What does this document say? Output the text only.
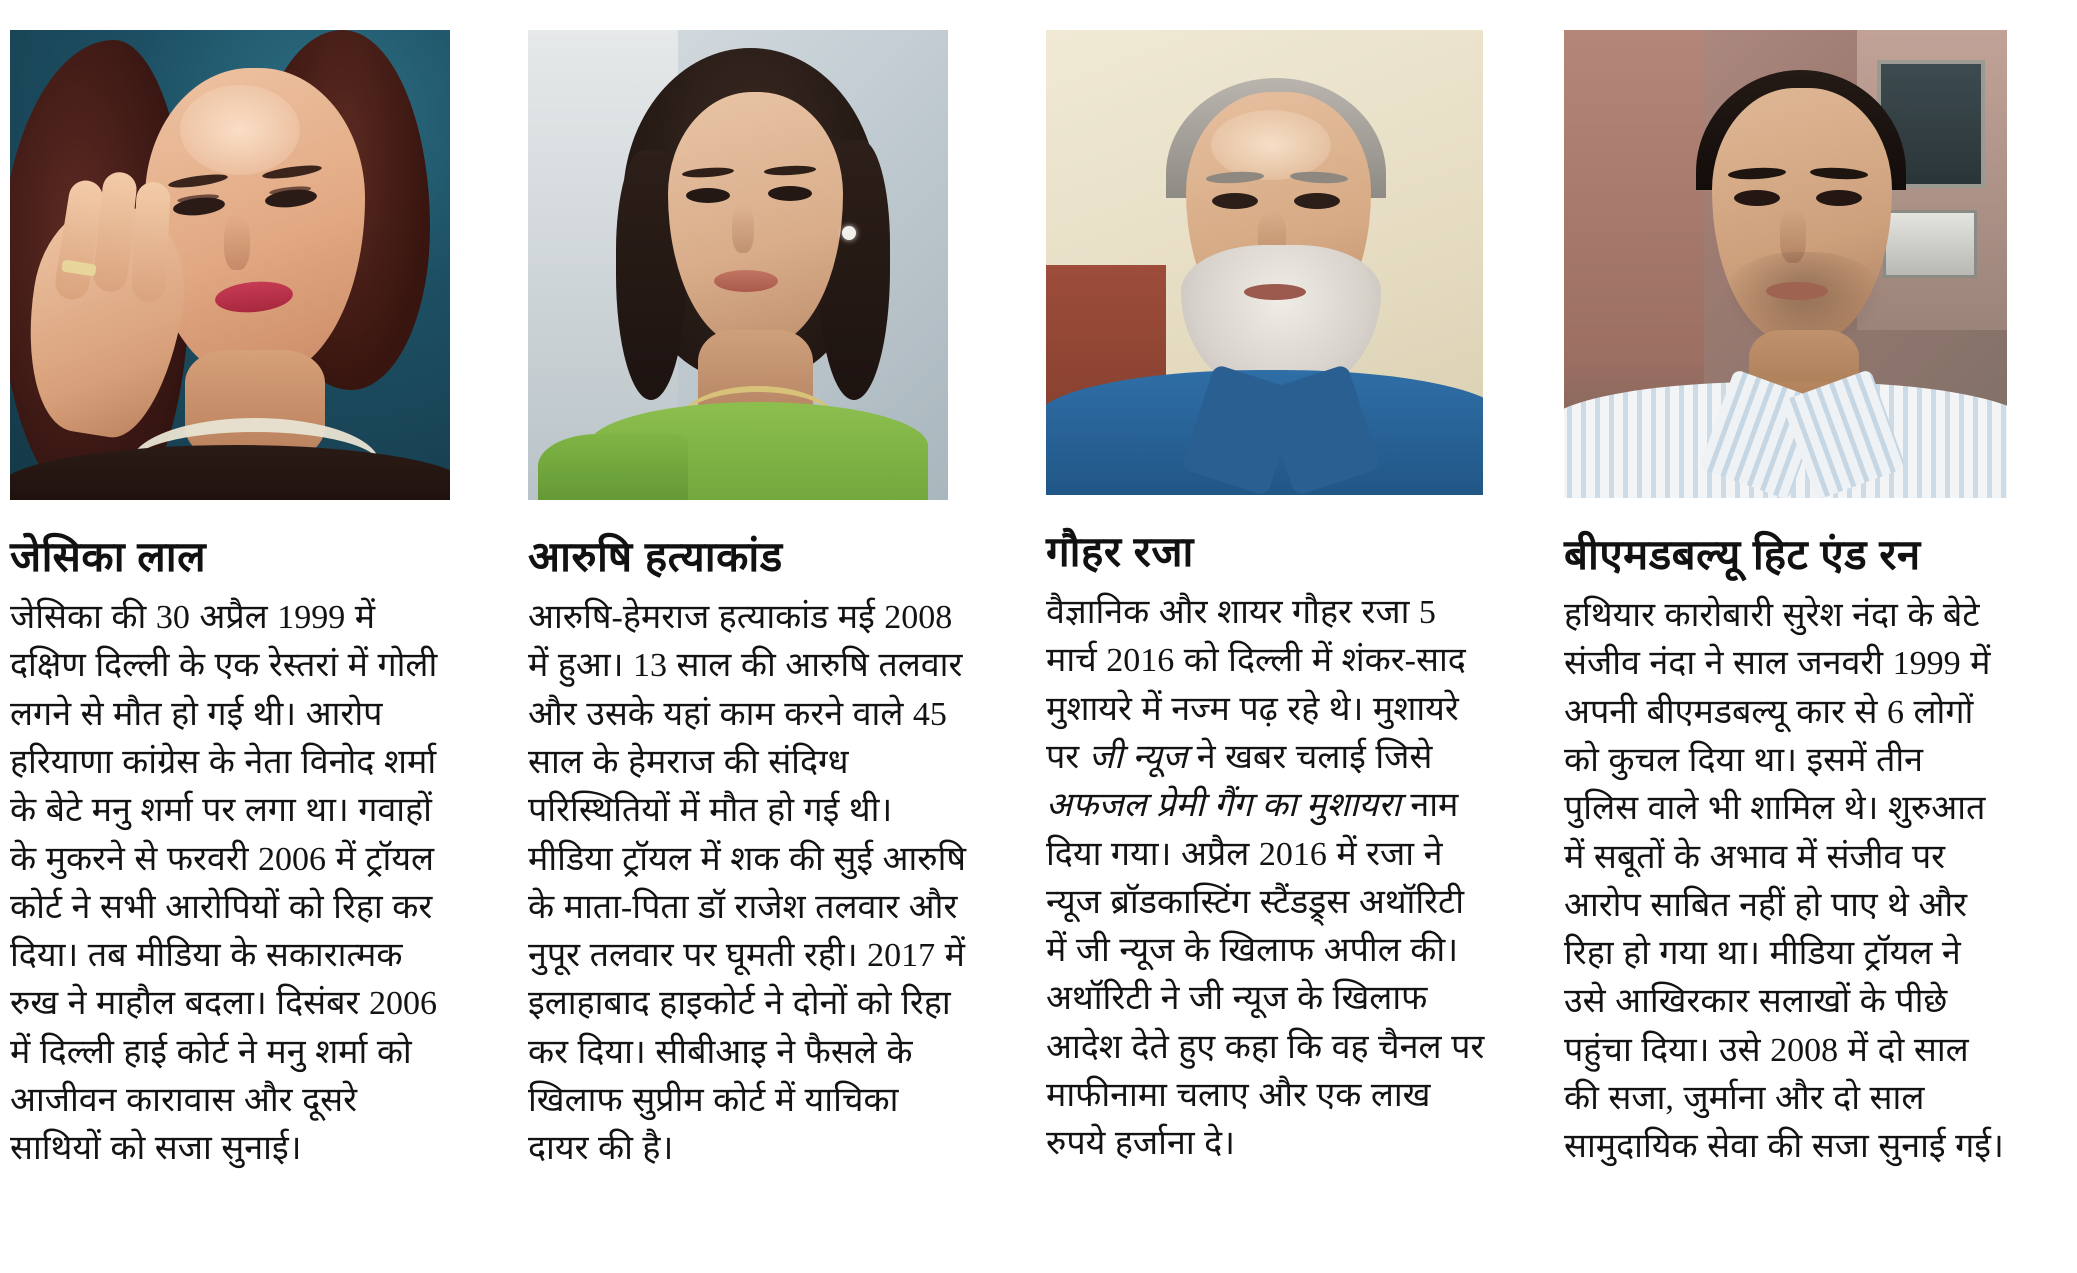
जेसिका लाल
जेसिका की 30 अप्रैल 1999 में दक्षिण दिल्ली के एक रेस्तरां में गोली लगने से मौत हो गई थी। आरोप हरियाणा कांग्रेस के नेता विनोद शर्मा के बेटे मनु शर्मा पर लगा था। गवाहों के मुकरने से फरवरी 2006 में ट्रॉयल कोर्ट ने सभी आरोपियों को रिहा कर दिया। तब मीडिया के सकारात्मक रुख ने माहौल बदला। दिसंबर 2006 में दिल्ली हाई कोर्ट ने मनु शर्मा को आजीवन कारावास और दूसरे साथियों को सजा सुनाई।
आरुषि हत्याकांड
आरुषि-हेमराज हत्याकांड मई 2008 में हुआ। 13 साल की आरुषि तलवार और उसके यहां काम करने वाले 45 साल के हेमराज की संदिग्ध परिस्थितियों में मौत हो गई थी। मीडिया ट्रॉयल में शक की सुई आरुषि के माता-पिता डॉ राजेश तलवार और नुपूर तलवार पर घूमती रही। 2017 में इलाहाबाद हाइकोर्ट ने दोनों को रिहा कर दिया। सीबीआइ ने फैसले के खिलाफ सुप्रीम कोर्ट में याचिका दायर की है।
गौहर रजा
वैज्ञानिक और शायर गौहर रजा 5 मार्च 2016 को दिल्ली में शंकर-साद मुशायरे में नज्म पढ़ रहे थे। मुशायरे पर जी न्यूज ने खबर चलाई जिसे अफजल प्रेमी गैंग का मुशायरा नाम दिया गया। अप्रैल 2016 में रजा ने न्यूज ब्रॉडकास्टिंग स्टैंडड्र्स अथॉरिटी में जी न्यूज के खिलाफ अपील की। अथॉरिटी ने जी न्यूज के खिलाफ आदेश देते हुए कहा कि वह चैनल पर माफीनामा चलाए और एक लाख रुपये हर्जाना दे।
बीएमडबल्यू हिट एंड रन
हथियार कारोबारी सुरेश नंदा के बेटे संजीव नंदा ने साल जनवरी 1999 में अपनी बीएमडबल्यू कार से 6 लोगों को कुचल दिया था। इसमें तीन पुलिस वाले भी शामिल थे। शुरुआत में सबूतों के अभाव में संजीव पर आरोप साबित नहीं हो पाए थे और रिहा हो गया था। मीडिया ट्रॉयल ने उसे आखिरकार सलाखों के पीछे पहुंचा दिया। उसे 2008 में दो साल की सजा, जुर्माना और दो साल सामुदायिक सेवा की सजा सुनाई गई।
